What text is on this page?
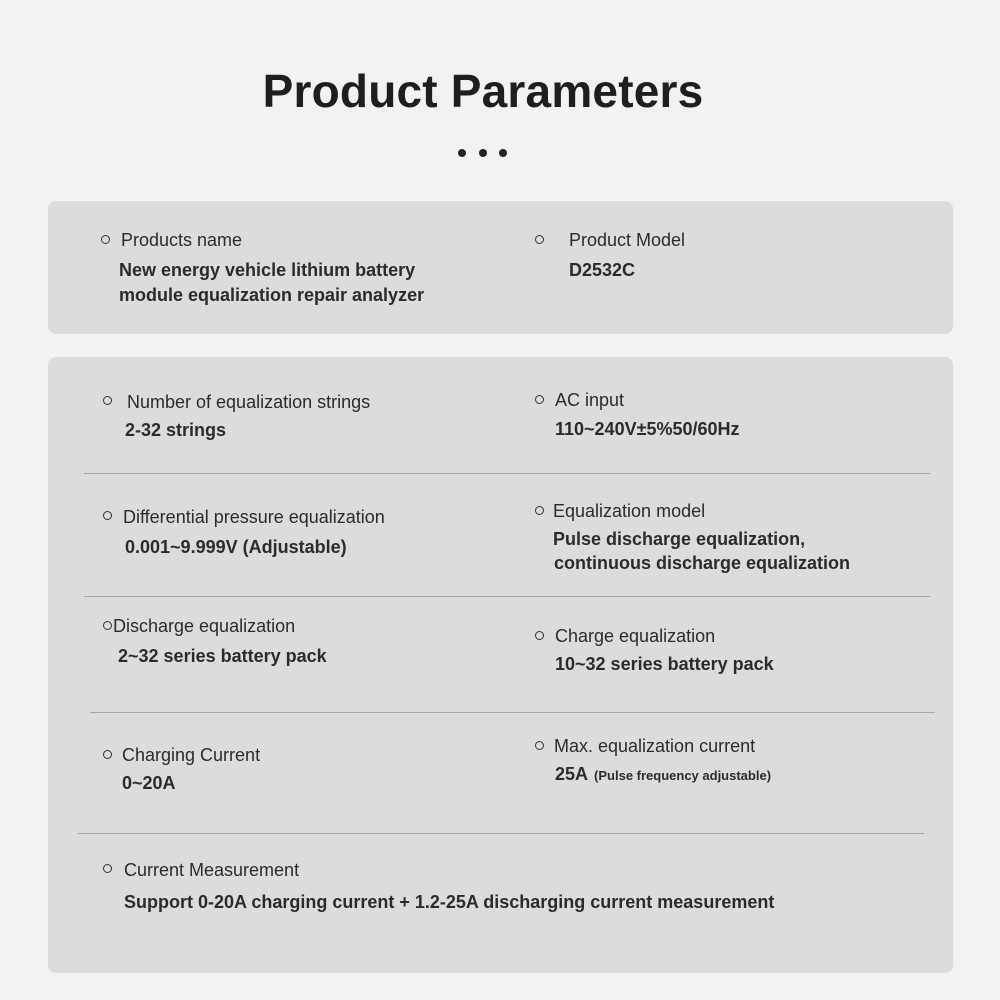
Product Parameters
Products name
New energy vehicle lithium battery
module equalization repair analyzer
Product Model
D2532C
Number of equalization strings
2-32 strings
AC input
110~240V±5%50/60Hz
Differential pressure equalization
0.001~9.999V (Adjustable)
Equalization model
Pulse discharge equalization,
continuous discharge equalization
Discharge equalization
2~32 series battery pack
Charge equalization
10~32 series battery pack
Charging Current
0~20A
Max. equalization current
25A (Pulse frequency adjustable)
Current Measurement
Support 0-20A charging current + 1.2-25A discharging current measurement
